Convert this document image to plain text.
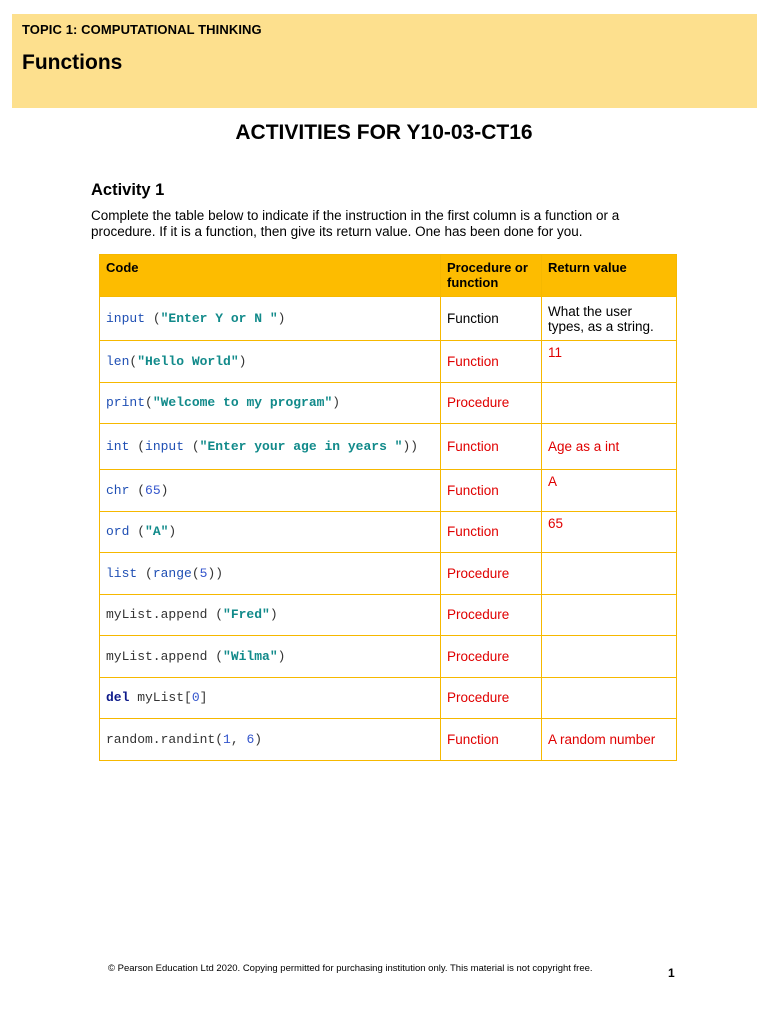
TOPIC 1: COMPUTATIONAL THINKING
Functions
ACTIVITIES FOR Y10-03-CT16
Activity 1
Complete the table below to indicate if the instruction in the first column is a function or a procedure. If it is a function, then give its return value. One has been done for you.
Code	Procedure or function	Return value
input ("Enter Y or N ")	Function	What the user types, as a string.
len("Hello World")	Function	11
print("Welcome to my program")	Procedure	
int (input ("Enter your age in years "))	Function	Age as a int
chr (65)	Function	A
ord ("A")	Function	65
list (range(5))	Procedure	
myList.append ("Fred")	Procedure	
myList.append ("Wilma")	Procedure	
del myList[0]	Procedure	
random.randint(1, 6)	Function	A random number
© Pearson Education Ltd 2020. Copying permitted for purchasing institution only. This material is not copyright free.	1
